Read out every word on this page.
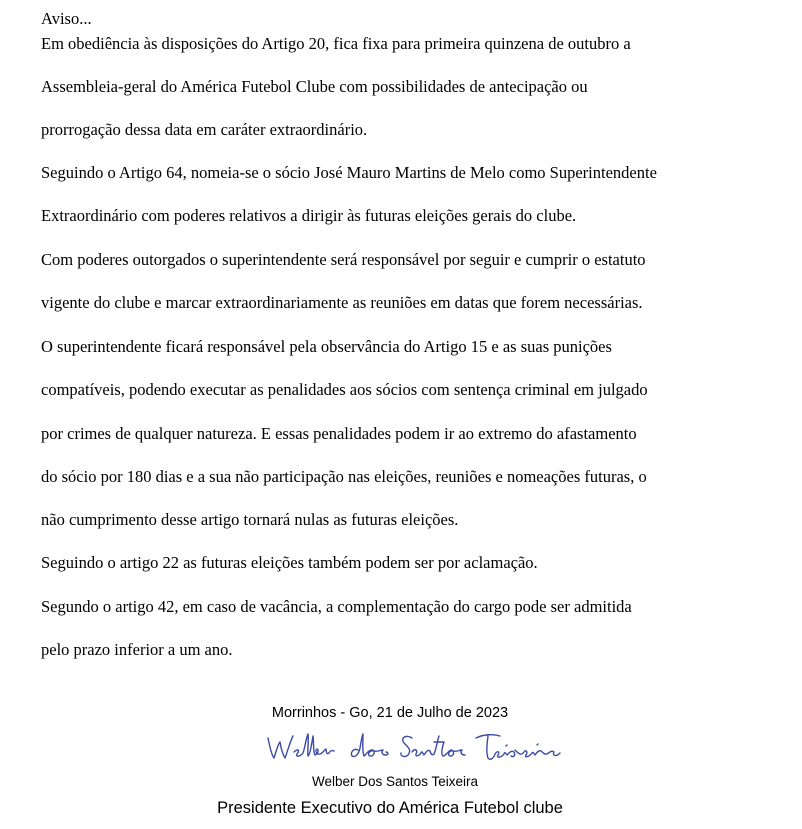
Aviso...
Em obediência às disposições do Artigo 20, fica fixa para primeira quinzena de outubro a
Assembleia-geral do América Futebol Clube com possibilidades de antecipação ou
prorrogação dessa data em caráter extraordinário.
Seguindo o Artigo 64, nomeia-se o sócio José Mauro Martins de Melo como Superintendente
Extraordinário com poderes relativos a dirigir às futuras eleições gerais do clube.
Com poderes outorgados o superintendente será responsável por seguir e cumprir o estatuto
vigente do clube e marcar extraordinariamente as reuniões em datas que forem necessárias.
O superintendente ficará responsável pela observância do Artigo 15 e as suas punições
compatíveis, podendo executar as penalidades aos sócios com sentença criminal em julgado
por crimes de qualquer natureza. E essas penalidades podem ir ao extremo do afastamento
do sócio por 180 dias e a sua não participação nas eleições, reuniões e nomeações futuras, o
não cumprimento desse artigo tornará nulas as futuras eleições.
Seguindo o artigo 22 as futuras eleições também podem ser por aclamação.
Segundo o artigo 42, em caso de vacância, a complementação do cargo pode ser admitida
pelo prazo inferior a um ano.
Morrinhos - Go, 21 de Julho de 2023
Welber Dos Santos Teixeira
Presidente Executivo do América Futebol clube
